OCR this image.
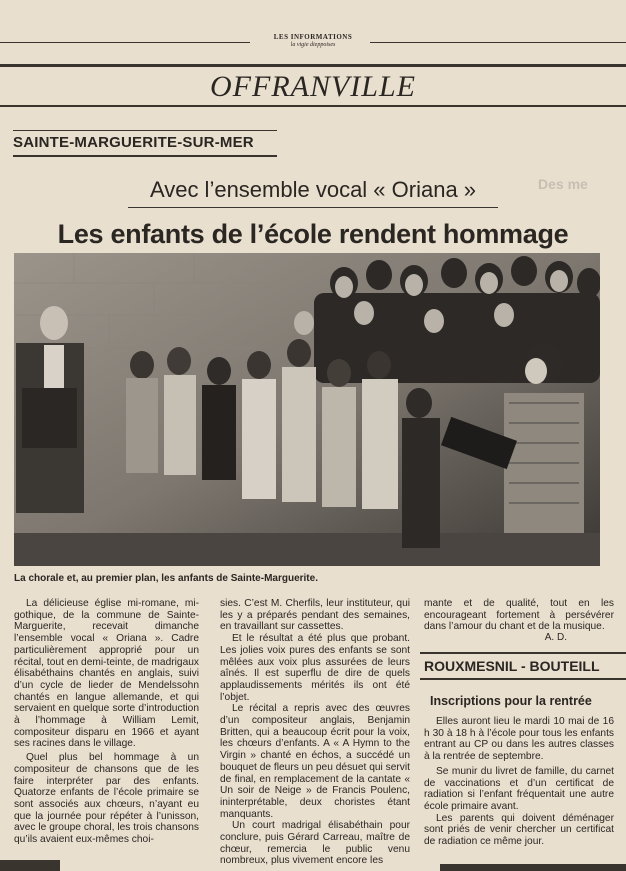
LES INFORMATIONS
la vigie dieppoises
OFFRANVILLE
SAINTE-MARGUERITE-SUR-MER
Des me
Avec l’ensemble vocal « Oriana »
Les enfants de l’école rendent hommage
La chorale et, au premier plan, les anfants de Sainte-Marguerite.

La délicieuse église mi-romane, mi-gothique, de la commune de Sainte-Marguerite, recevait dimanche l’ensemble vocal « Oriana ». Cadre particulièrement approprié pour un récital, tout en demi-teinte, de madrigaux élisabéthains chantés en anglais, suivi d’un cycle de lieder de Mendelssohn chantés en langue allemande, et qui servaient en quelque sorte d’introduction à l’hommage à William Lemit, compositeur disparu en 1966 et ayant ses racines dans le village.

Quel plus bel hommage à un compositeur de chansons que de les faire interpréter par des enfants. Quatorze enfants de l’école primaire se sont associés aux chœurs, n’ayant eu que la journée pour répéter à l’unisson, avec le groupe choral, les trois chansons qu’ils avaient eux-mêmes choi-

sies. C’est M. Cherfils, leur instituteur, qui les y a préparés pendant des semaines, en travaillant sur cassettes.

Et le résultat a été plus que probant. Les jolies voix pures des enfants se sont mêlées aux voix plus assurées de leurs aînés. Il est superflu de dire de quels applaudissements mérités ils ont été l’objet.

Le récital a repris avec des œuvres d’un compositeur anglais, Benjamin Britten, qui a beaucoup écrit pour la voix, les chœurs d’enfants. A « A Hymn to the Virgin » chanté en échos, a succédé un bouquet de fleurs un peu désuet qui servit de final, en remplacement de la cantate « Un soir de Neige » de Francis Poulenc, ininterprétable, deux choristes étant manquants.

Un court madrigal élisabéthain pour conclure, puis Gérard Carreau, maître de chœur, remercia le public venu nombreux, plus vivement encore les

mante et de qualité, tout en les encourageant fortement à persévérer dans l’amour du chant et de la musique.

A. D.
ROUXMESNIL - BOUTEILL
Inscriptions pour la rentrée

Elles auront lieu le mardi 10 mai de 16 h 30 à 18 h à l’école pour tous les enfants entrant au CP ou dans les autres classes à la rentrée de septembre.

Se munir du livret de famille, du carnet de vaccinations et d’un certificat de radiation si l’enfant fréquentait une autre école primaire avant.

Les parents qui doivent déménager sont priés de venir chercher un certificat de radiation ce même jour.
